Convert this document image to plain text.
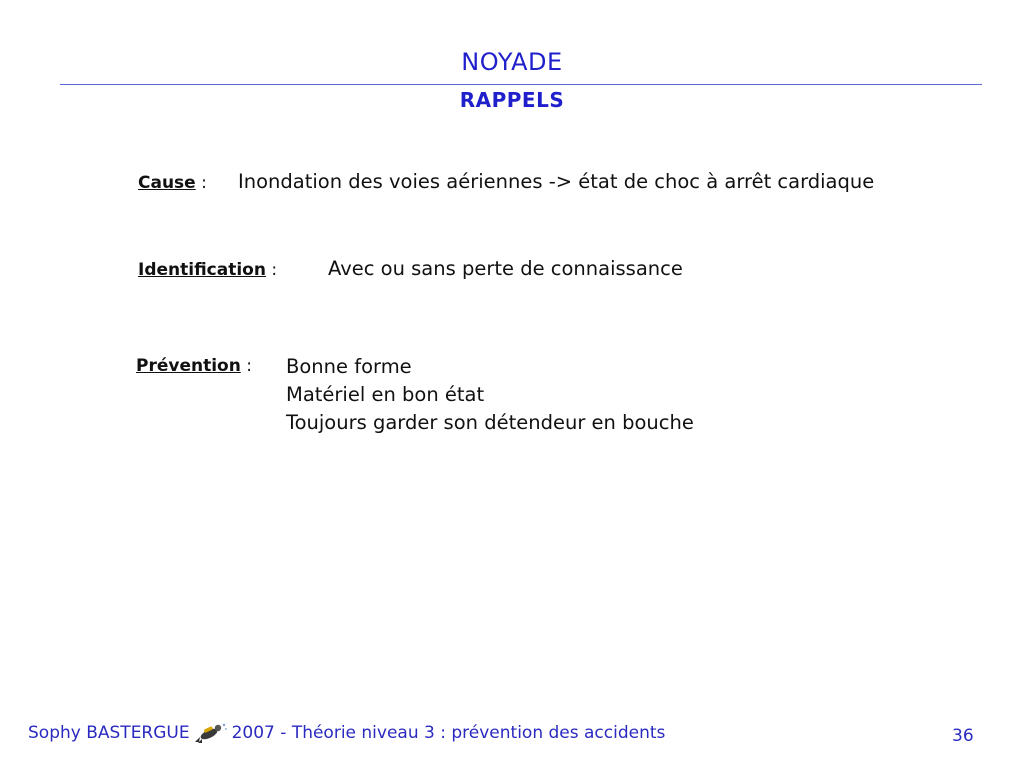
NOYADE
RAPPELS
Cause : Inondation des voies aériennes -> état de choc à arrêt cardiaque
Identification :	Avec ou sans perte de connaissance
Prévention : Bonne forme
Matériel en bon état
Toujours garder son détendeur en bouche
Sophy BASTERGUE 2007 - Théorie niveau 3 : prévention des accidents	36
